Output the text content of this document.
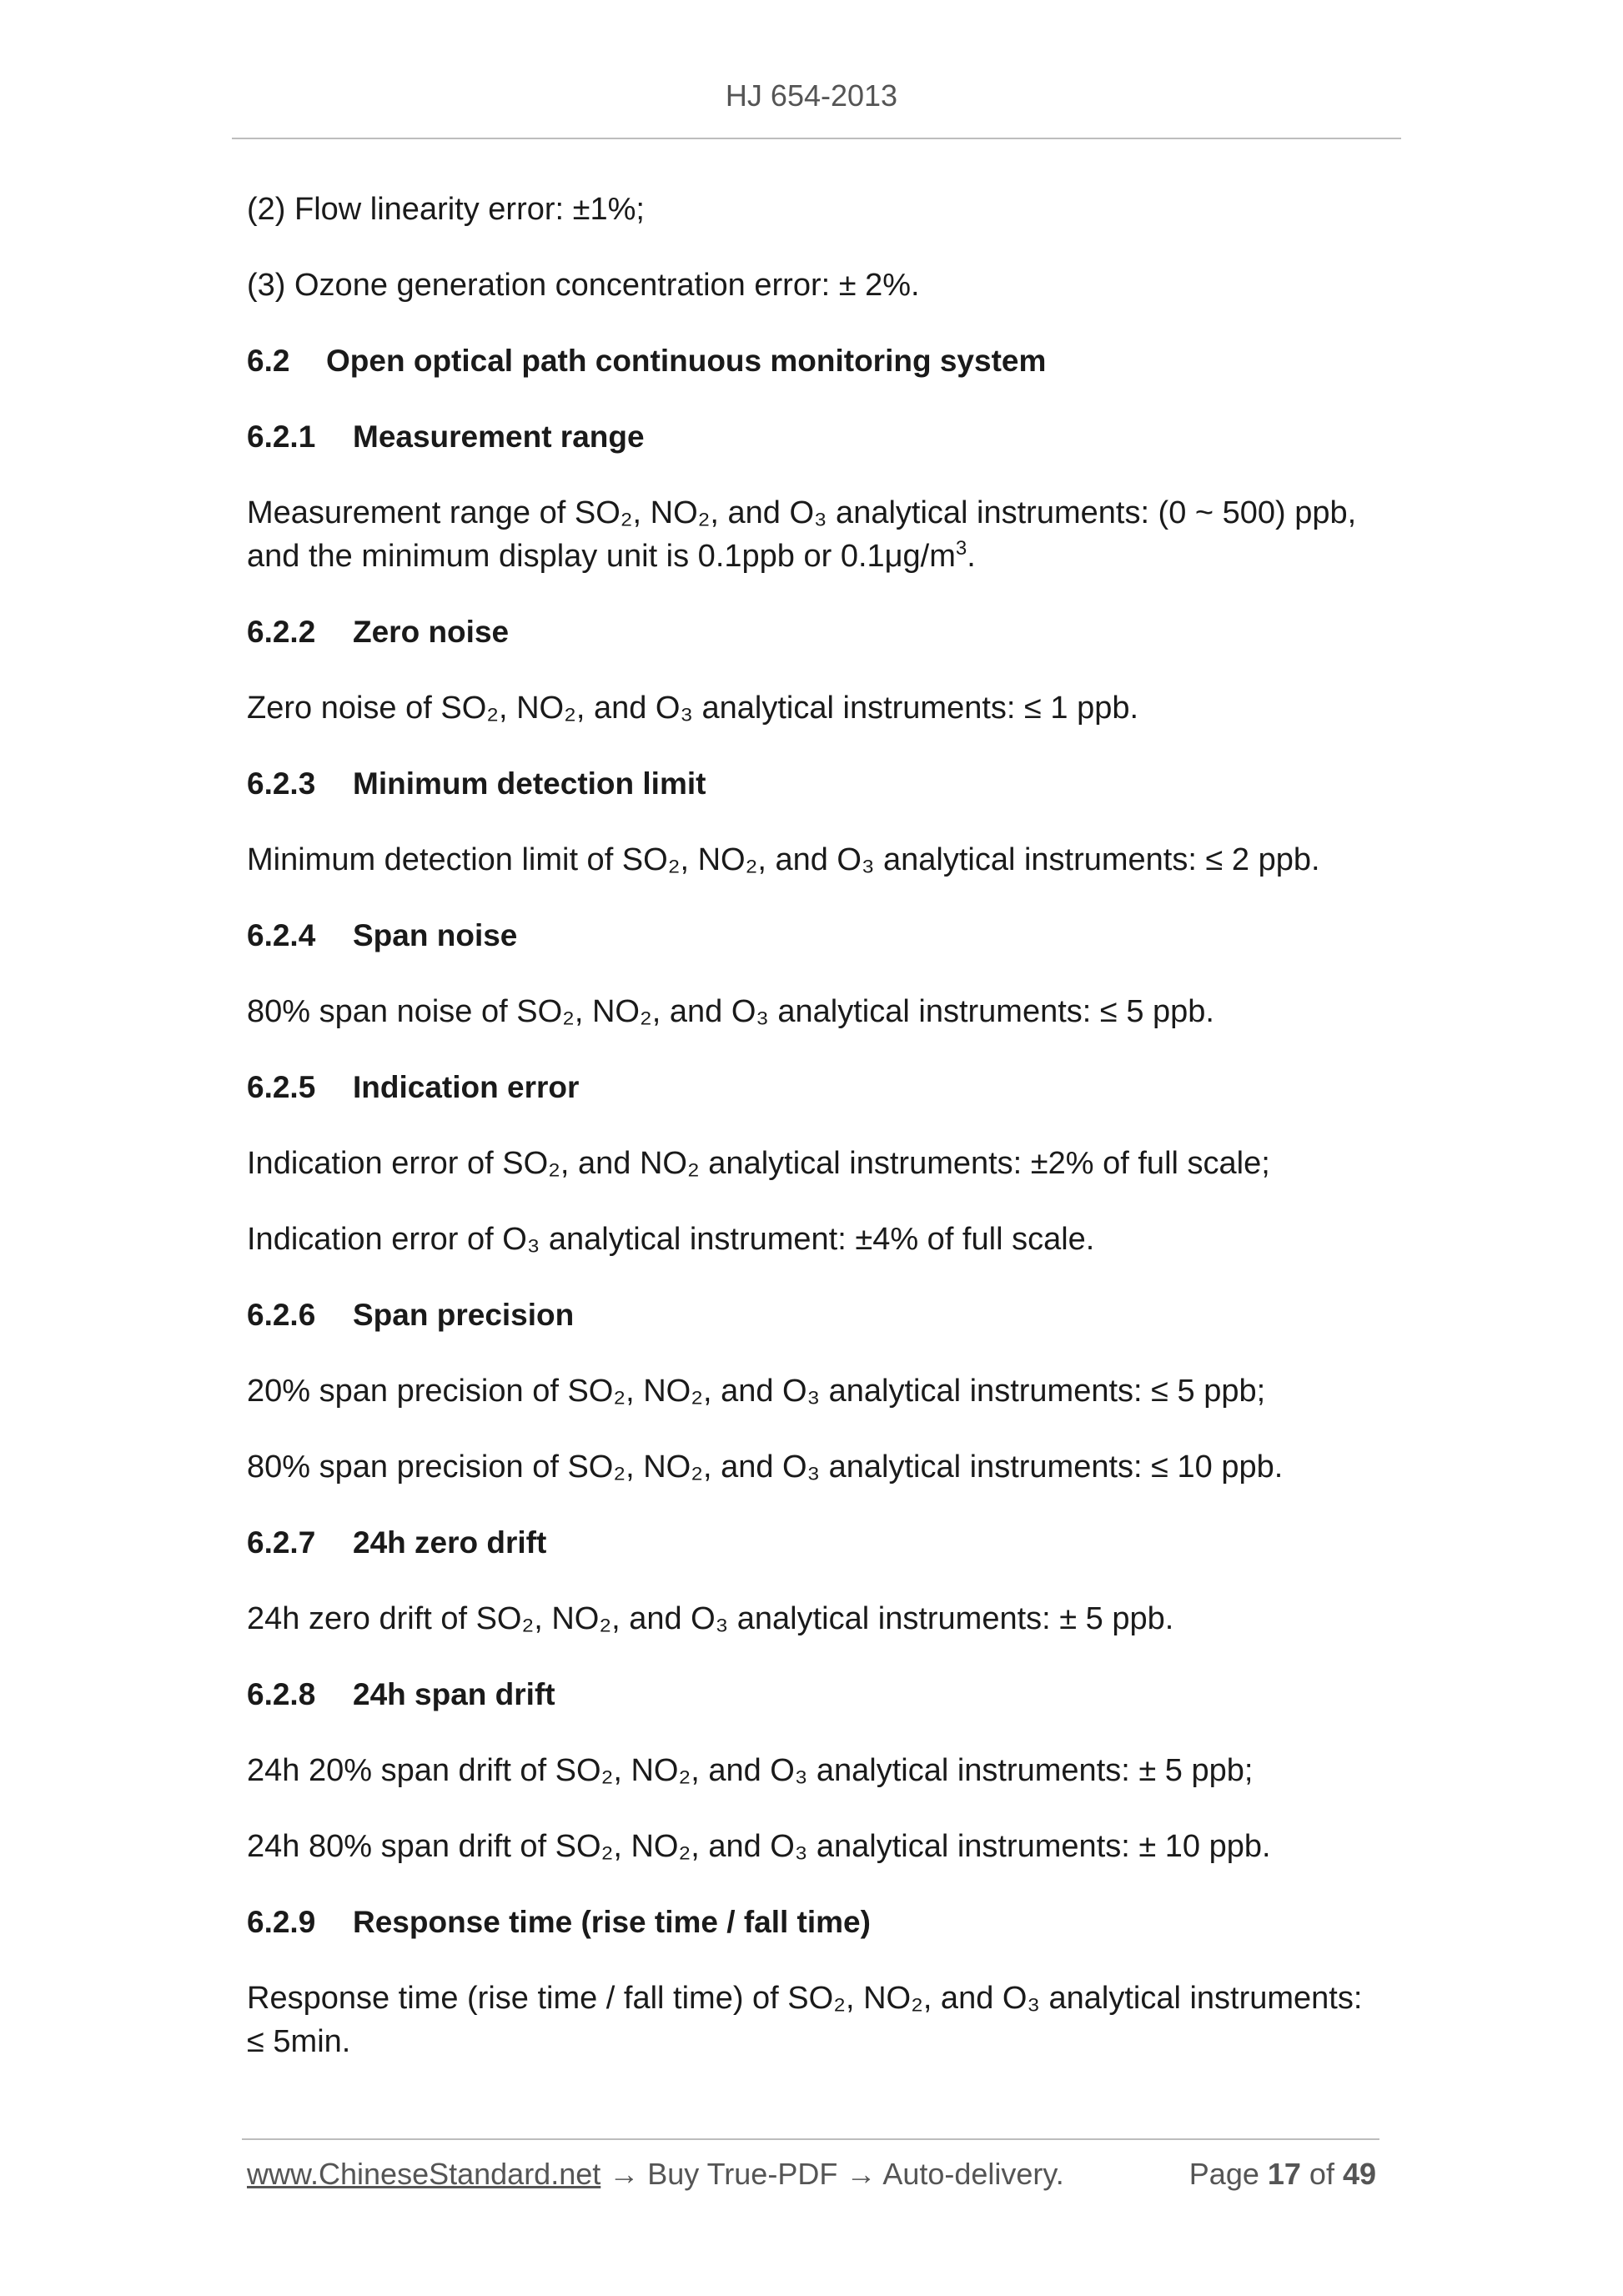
HJ 654-2013

(2) Flow linearity error: ±1%;

(3) Ozone generation concentration error: ± 2%.

6.2	Open optical path continuous monitoring system
6.2.1	Measurement range
Measurement range of SO₂, NO₂, and O₃ analytical instruments: (0 ~ 500) ppb,
and the minimum display unit is 0.1ppb or $0.1\mu g/m^3$.
6.2.2	Zero noise

Zero noise of SO₂, NO₂, and O₃ analytical instruments: ≤ 1 ppb.

6.2.3	Minimum detection limit

Minimum detection limit of SO₂, NO₂, and O₃ analytical instruments: ≤ 2 ppb.

6.2.4	Span noise

80% span noise of SO₂, NO₂, and O₃ analytical instruments: ≤ 5 ppb.

6.2.5	Indication error

Indication error of SO₂, and NO₂ analytical instruments: ±2% of full scale;

Indication error of O₃ analytical instrument: ±4% of full scale.

6.2.6	Span precision

20% span precision of SO₂, NO₂, and O₃ analytical instruments: ≤ 5 ppb;

80% span precision of SO₂, NO₂, and O₃ analytical instruments: ≤ 10 ppb.

6.2.7	24h zero drift

24h zero drift of SO₂, NO₂, and O₃ analytical instruments: ± 5 ppb.

6.2.8	24h span drift

24h 20% span drift of SO₂, NO₂, and O₃ analytical instruments: ± 5 ppb;

24h 80% span drift of SO₂, NO₂, and O₃ analytical instruments: ± 10 ppb.

6.2.9	Response time (rise time / fall time)
Response time (rise time / fall time) of SO₂, NO₂, and O₃ analytical instruments:
≤ 5min.
www.ChineseStandard.net → Buy True-PDF → Auto-delivery.	Page 17 of 49
